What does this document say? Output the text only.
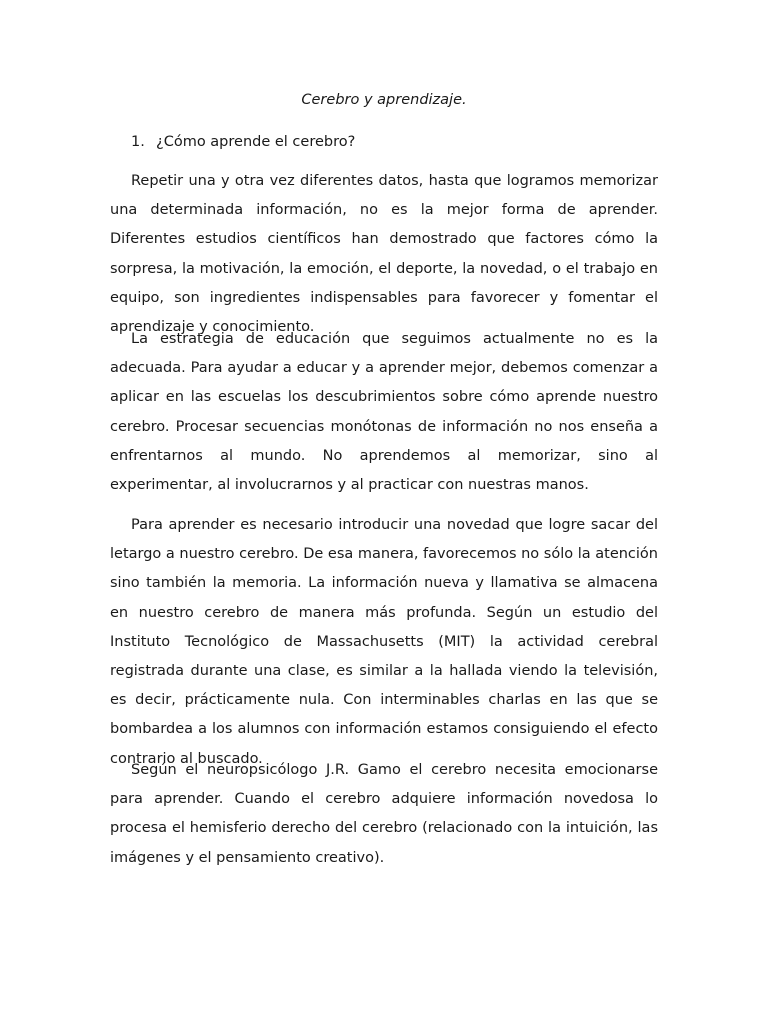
Cerebro y aprendizaje.

1. ¿Cómo aprende el cerebro?

Repetir una y otra vez diferentes datos, hasta que logramos memorizar una determinada información, no es la mejor forma de aprender. Diferentes estudios científicos han demostrado que factores cómo la sorpresa, la motivación, la emoción, el deporte, la novedad, o el trabajo en equipo, son ingredientes indispensables para favorecer y fomentar el aprendizaje y conocimiento.

La estrategia de educación que seguimos actualmente no es la adecuada. Para ayudar a educar y a aprender mejor, debemos comenzar a aplicar en las escuelas los descubrimientos sobre cómo aprende nuestro cerebro. Procesar secuencias monótonas de información no nos enseña a enfrentarnos al mundo. No aprendemos al memorizar, sino al experimentar, al involucrarnos y al practicar con nuestras manos.

Para aprender es necesario introducir una novedad que logre sacar del letargo a nuestro cerebro. De esa manera, favorecemos no sólo la atención sino también la memoria. La información nueva y llamativa se almacena en nuestro cerebro de manera más profunda. Según un estudio del Instituto Tecnológico de Massachusetts (MIT) la actividad cerebral registrada durante una clase, es similar a la hallada viendo la televisión, es decir, prácticamente nula. Con interminables charlas en las que se bombardea a los alumnos con información estamos consiguiendo el efecto contrario al buscado.

Según el neuropsicólogo J.R. Gamo el cerebro necesita emocionarse para aprender. Cuando el cerebro adquiere información novedosa lo procesa el hemisferio derecho del cerebro (relacionado con la intuición, las imágenes y el pensamiento creativo).
